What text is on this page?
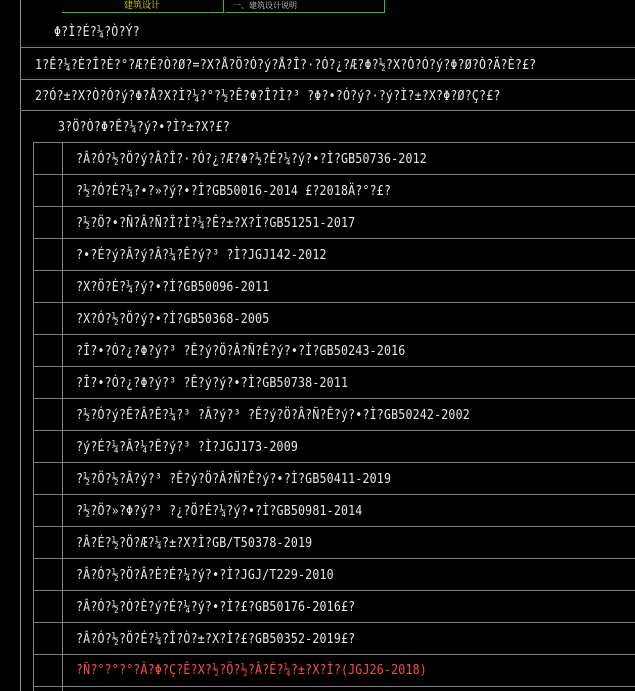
建筑设计	一、建筑设计说明
Φ?Ì?É?¼?Ò?Ý?
1?Ê?¼?È?Î?È?°?Æ?É?Ò?Ø?=?X?Å?Ö?Ó?ý?Å?Î?·?Ó?¿?Æ?Φ?½?X?Ò?Ó?ý?Φ?Ø?Ò?Ä?È?£?
2?Ó?±?X?Ò?Ó?ý?Φ?Å?X?Ì?¼?°?½?Ê?Φ?Î?Ì?³ ?Φ?•?Ó?ý?·?ý?Ì?±?X?Φ?Ø?Ç?£?
3?Ö?Ò?Φ?Ê?¼?ý?•?Ì?±?X?£?
?Â?Ó?½?Ö?ý?Â?Î?·?Ó?¿?Æ?Φ?½?É?¼?ý?•?Ì?GB50736-2012
?½?Ó?É?¼?•?»?ý?•?Ì?GB50016-2014 £?2018Ä?°?£?
?½?Ö?•?Ñ?Â?Ñ?Î?Ì?¼?Ê?±?X?Ì?GB51251-2017
?•?É?ý?Â?ý?Â?¼?Ê?ý?³ ?Ì?JGJ142-2012
?X?Ö?É?¼?ý?•?Ì?GB50096-2011
?X?Ó?½?Ö?ý?•?Ì?GB50368-2005
?Î?•?Ó?¿?Φ?ý?³ ?Ê?ý?Ö?Â?Ñ?Ê?ý?•?Ì?GB50243-2016
?Î?•?Ó?¿?Φ?ý?³ ?Ê?ý?ý?•?Ì?GB50738-2011
?½?Ó?ý?Ê?Â?Ê?¼?³ ?Â?ý?³ ?Ê?ý?Ö?Â?Ñ?Ê?ý?•?Ì?GB50242-2002
?ý?É?¼?Â?¼?Ê?ý?³ ?Ì?JGJ173-2009
?½?Ö?½?Â?ý?³ ?Ê?ý?Ö?Â?Ñ?Ê?ý?•?Ì?GB50411-2019
?½?Ö?»?Φ?ý?³ ?¿?Ö?É?¼?ý?•?Ì?GB50981-2014
?Â?É?½?Ö?Æ?¼?±?X?Ì?GB/T50378-2019
?Â?Ó?½?Ö?Â?È?É?¼?ý?•?Ì?JGJ/T229-2010
?Â?Ó?½?Ó?È?ý?É?¼?ý?•?Ì?£?GB50176-2016£?
?Â?Ó?½?Ö?É?¼?Î?Ò?±?X?Ì?£?GB50352-2019£?
?Ñ?°?°?°?Â?Φ?Ç?Ê?X?½?Ö?½?Â?É?¼?±?X?Ì?(JGJ26-2018)
